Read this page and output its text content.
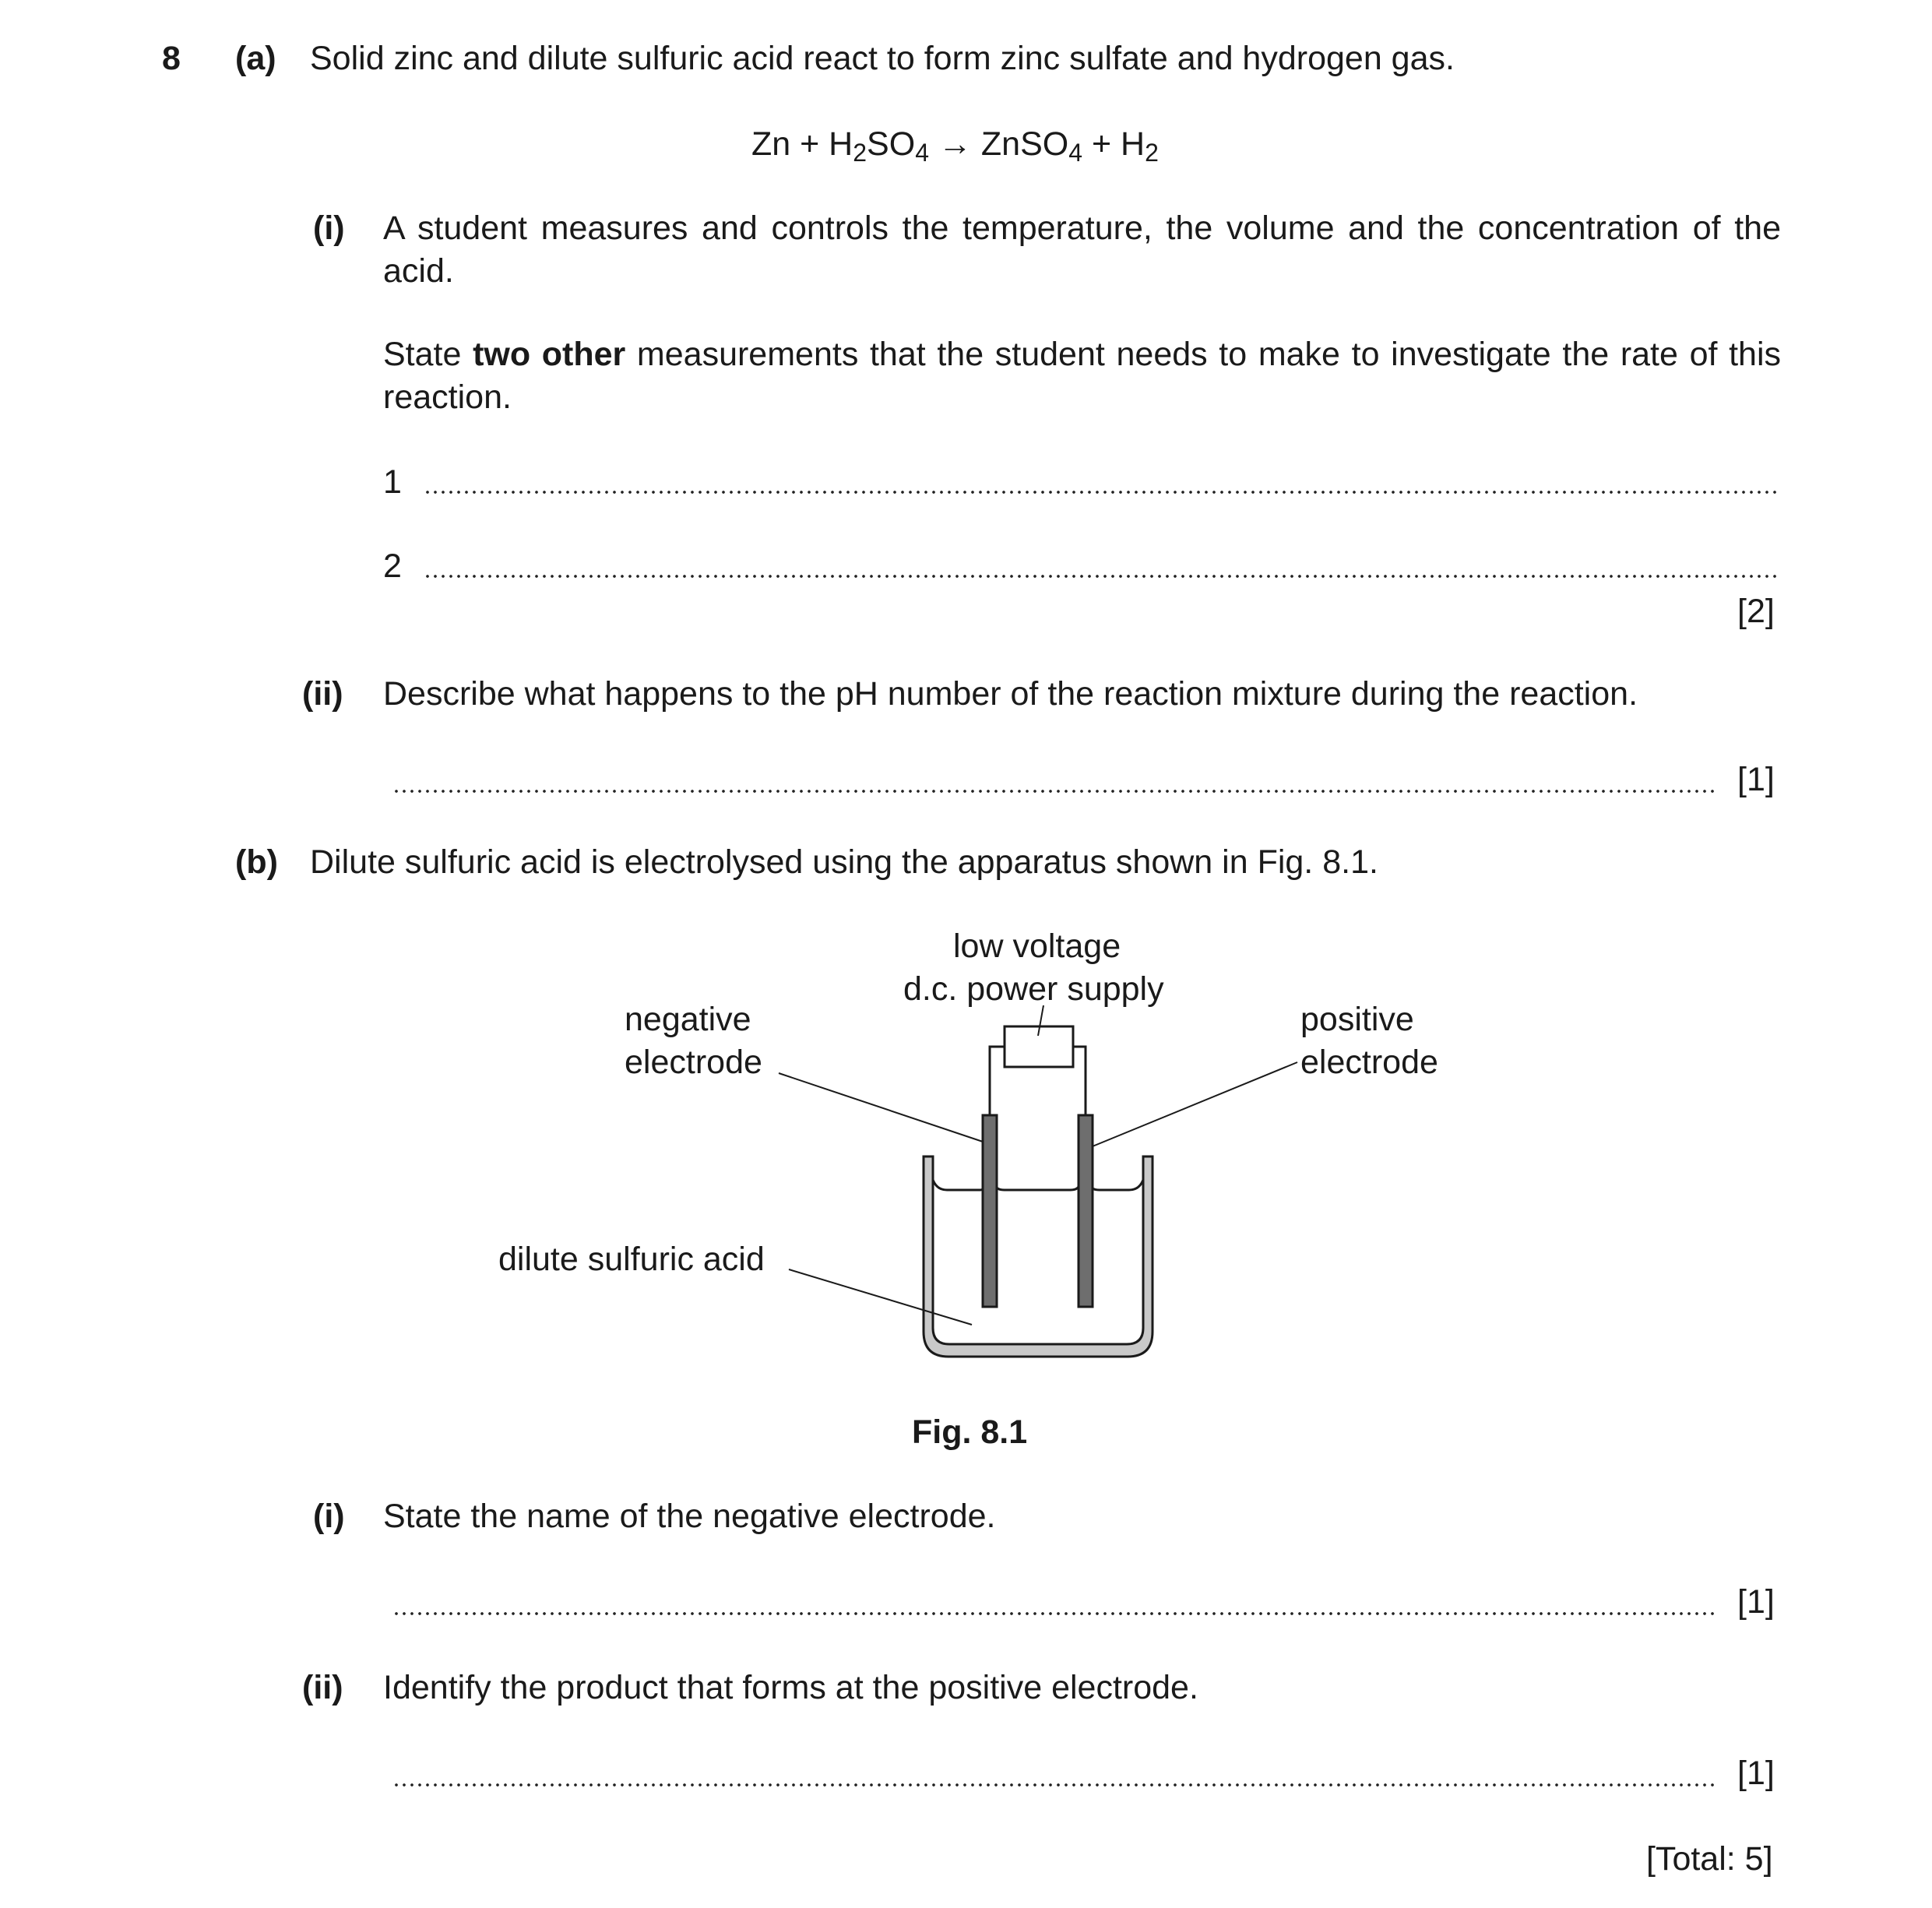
8 (a) Solid zinc and dilute sulfuric acid react to form zinc sulfate and hydrogen gas.
$Zn + H_2SO_4$ → ZnSO$_4$ + $H_2$
(i) A student measures and controls the temperature, the volume and the concentration of the acid.
State two other measurements that the student needs to make to investigate the rate of this reaction.
1
2
[2]
(ii) Describe what happens to the pH number of the reaction mixture during the reaction.
[1]
(b) Dilute sulfuric acid is electrolysed using the apparatus shown in Fig. 8.1.
low voltage
d.c. power supply
negative
electrode
positive
electrode
dilute sulfuric acid
Fig. 8.1
(i) State the name of the negative electrode.
[1]
(ii) Identify the product that forms at the positive electrode.
[1]
[Total: 5]
